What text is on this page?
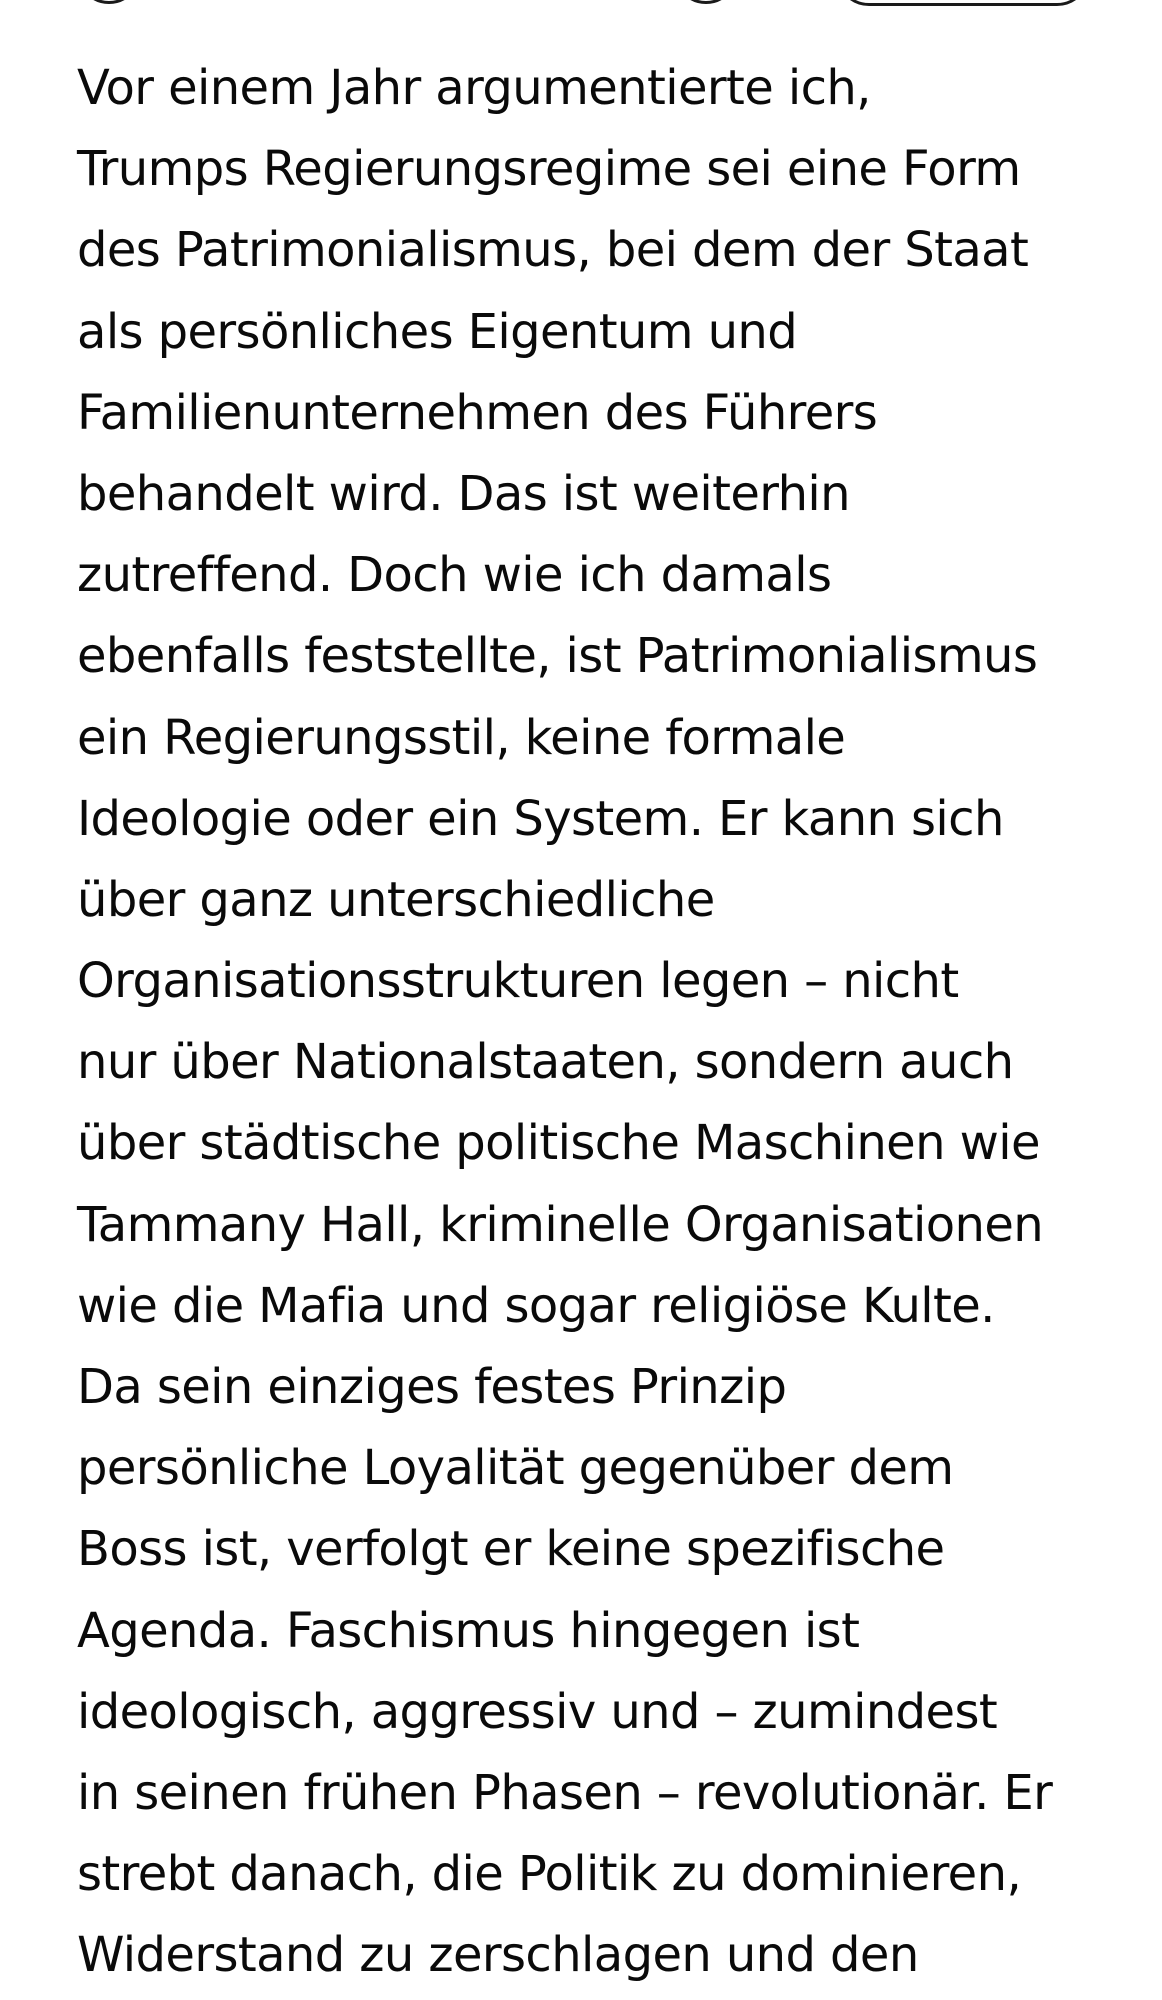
Vor einem Jahr argumentierte ich,
Trumps Regierungsregime sei eine Form
des Patrimonialismus, bei dem der Staat
als persönliches Eigentum und
Familienunternehmen des Führers
behandelt wird. Das ist weiterhin
zutreffend. Doch wie ich damals
ebenfalls feststellte, ist Patrimonialismus
ein Regierungsstil, keine formale
Ideologie oder ein System. Er kann sich
über ganz unterschiedliche
Organisationsstrukturen legen – nicht
nur über Nationalstaaten, sondern auch
über städtische politische Maschinen wie
Tammany Hall, kriminelle Organisationen
wie die Mafia und sogar religiöse Kulte.
Da sein einziges festes Prinzip
persönliche Loyalität gegenüber dem
Boss ist, verfolgt er keine spezifische
Agenda. Faschismus hingegen ist
ideologisch, aggressiv und – zumindest
in seinen frühen Phasen – revolutionär. Er
strebt danach, die Politik zu dominieren,
Widerstand zu zerschlagen und den
